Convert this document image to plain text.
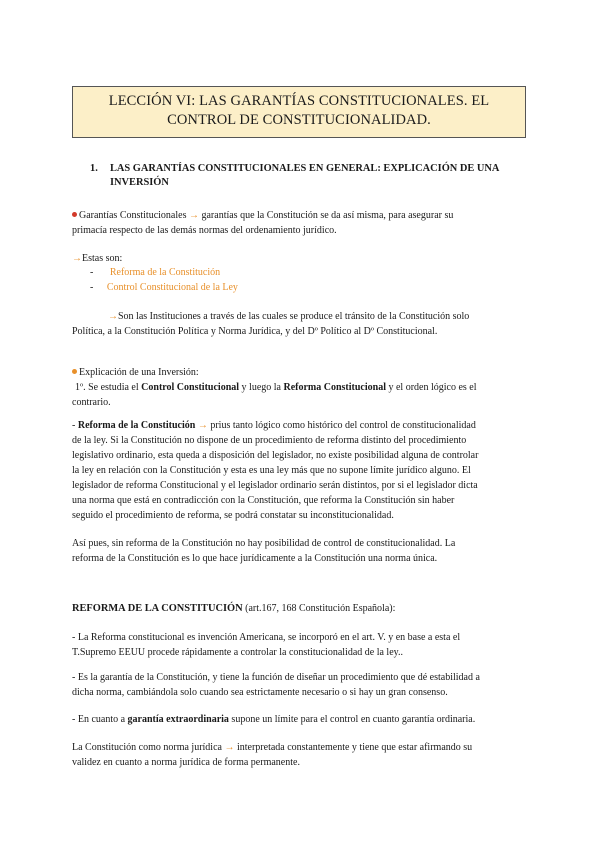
LECCIÓN VI: LAS GARANTÍAS CONSTITUCIONALES. EL
CONTROL DE CONSTITUCIONALIDAD.
1. LAS GARANTÍAS CONSTITUCIONALES EN GENERAL: EXPLICACIÓN DE UNA
INVERSIÓN
Garantías Constitucionales → garantías que la Constitución se da así misma, para asegurar su
primacía respecto de las demás normas del ordenamiento jurídico.
→Estas son:
- Reforma de la Constitución
- Control Constitucional de la Ley
→Son las Instituciones a través de las cuales se produce el tránsito de la Constitución solo
Política, a la Constitución Política y Norma Jurídica, y del Dº Político al Dº Constitucional.
Explicación de una Inversión:
1º. Se estudia el Control Constitucional y luego la Reforma Constitucional y el orden lógico es el
contrario.
- Reforma de la Constitución → prius tanto lógico como histórico del control de constitucionalidad
de la ley. Si la Constitución no dispone de un procedimiento de reforma distinto del procedimiento
legislativo ordinario, esta queda a disposición del legislador, no existe posibilidad alguna de controlar
la ley en relación con la Constitución y esta es una ley más que no supone límite jurídico alguno. El
legislador de reforma Constitucional y el legislador ordinario serán distintos, por si el legislador dicta
una norma que está en contradicción con la Constitución, que reforma la Constitución sin haber
seguido el procedimiento de reforma, se podrá constatar su inconstitucionalidad.
Así pues, sin reforma de la Constitución no hay posibilidad de control de constitucionalidad. La
reforma de la Constitución es lo que hace jurídicamente a la Constitución una norma única.
REFORMA DE LA CONSTITUCIÓN (art.167, 168 Constitución Española):
- La Reforma constitucional es invención Americana, se incorporó en el art. V. y en base a esta el
T.Supremo EEUU procede rápidamente a controlar la constitucionalidad de la ley..
- Es la garantía de la Constitución, y tiene la función de diseñar un procedimiento que dé estabilidad a
dicha norma, cambiándola solo cuando sea estrictamente necesario o si hay un gran consenso.
- En cuanto a garantía extraordinaria supone un límite para el control en cuanto garantía ordinaria.
La Constitución como norma jurídica → interpretada constantemente y tiene que estar afirmando su
validez en cuanto a norma jurídica de forma permanente.
